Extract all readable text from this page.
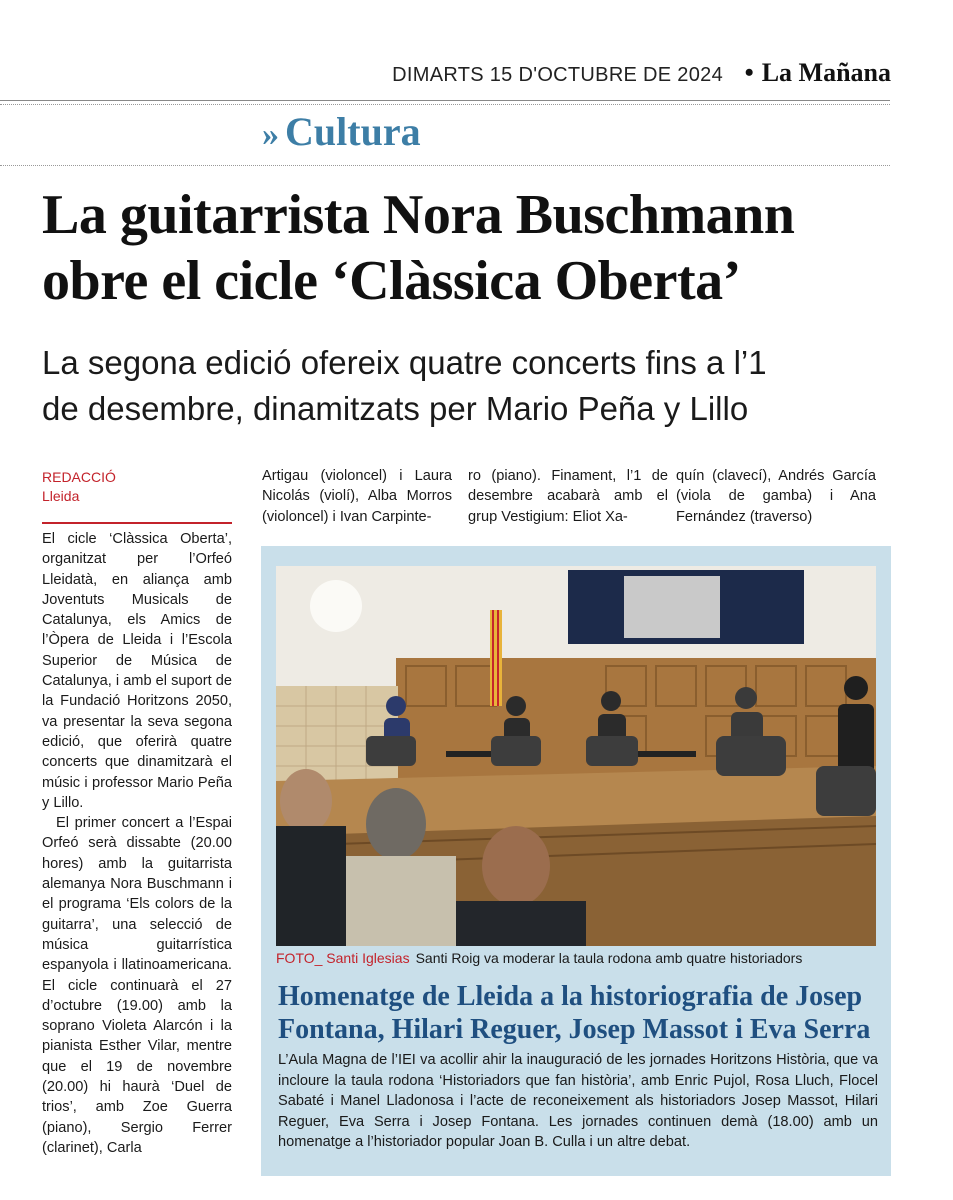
DIMARTS 15 D'OCTUBRE DE 2024 • La Mañana
» Cultura
La guitarrista Nora Buschmann
obre el cicle ‘Clàssica Oberta’
La segona edició ofereix quatre concerts fins a l’1
de desembre, dinamitzats per Mario Peña y Lillo
REDACCIÓ
Lleida

El cicle ‘Clàssica Oberta’, organitzat per l’Orfeó Lleidatà, en aliança amb Joventuts Musicals de Catalunya, els Amics de l’Òpera de Lleida i l’Escola Superior de Música de Catalunya, i amb el suport de la Fundació Horitzons 2050, va presentar la seva segona edició, que oferirà quatre concerts que dinamitzarà el músic i professor Mario Peña y Lillo.

El primer concert a l’Espai Orfeó serà dissabte (20.00 hores) amb la guitarrista alemanya Nora Buschmann i el programa ‘Els colors de la guitarra’, una selecció de música guitarrística espanyola i llatinoamericana. El cicle continuarà el 27 d’octubre (19.00) amb la soprano Violeta Alarcón i la pianista Esther Vilar, mentre que el 19 de novembre (20.00) hi haurà ‘Duel de trios’, amb Zoe Guerra (piano), Sergio Ferrer (clarinet), Carla

Artigau (violoncel) i Laura Nicolás (violí), Alba Morros (violoncel) i Ivan Carpinte-

ro (piano). Finament, l’1 de desembre acabarà amb el grup Vestigium: Eliot Xa-

quín (clavecí), Andrés García (viola de gamba) i Ana Fernández (traverso)

FOTO_ Santi Iglesias Santi Roig va moderar la taula rodona amb quatre historiadors
Homenatge de Lleida a la historiografia de Josep Fontana, Hilari Reguer, Josep Massot i Eva Serra
L’Aula Magna de l’IEI va acollir ahir la inauguració de les jornades Horitzons Història, que va incloure la taula rodona ‘Historiadors que fan història’, amb Enric Pujol, Rosa Lluch, Flocel Sabaté i Manel Lladonosa i l’acte de reconeixement als historiadors Josep Massot, Hilari Reguer, Eva Serra i Josep Fontana. Les jornades continuen demà (18.00) amb un homenatge a l’historiador popular Joan B. Culla i un altre debat.
